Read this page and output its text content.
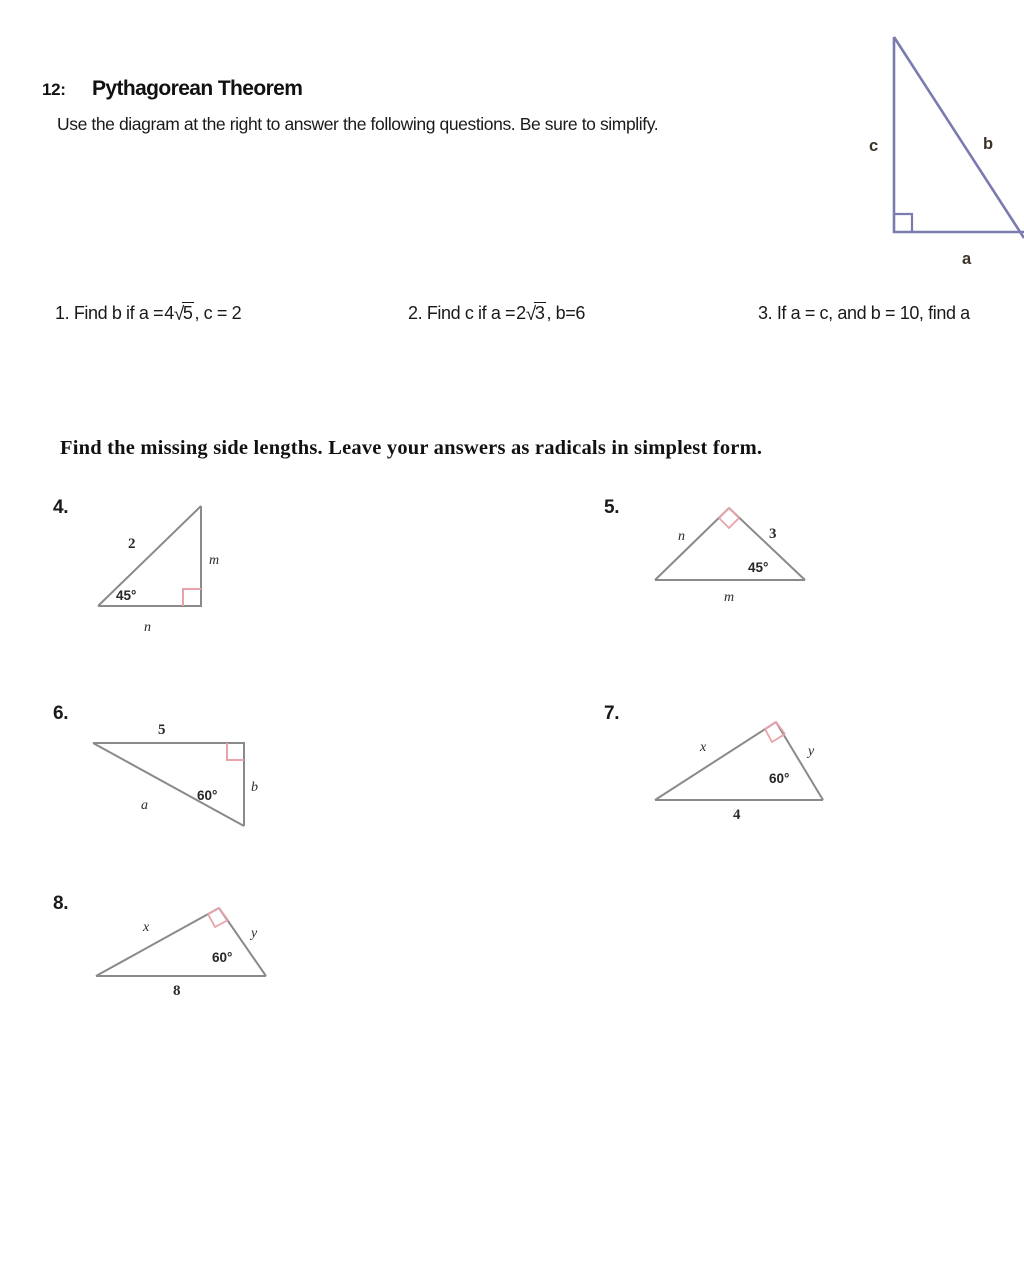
12: Pythagorean Theorem
Use the diagram at the right to answer the following questions. Be sure to simplify.
c	b
a
1. Find b if a =4√5 , c = 2	2. Find c if a =2√3 , b=6	3. If a = c, and b = 10, find a
Find the missing side lengths. Leave your answers as radicals in simplest form.
4.
2
m
45°
n
5.
n	3
45°
m
6.
5
a
60°
b
7.
x	y
60°
4
8.
x	y
60°
8
